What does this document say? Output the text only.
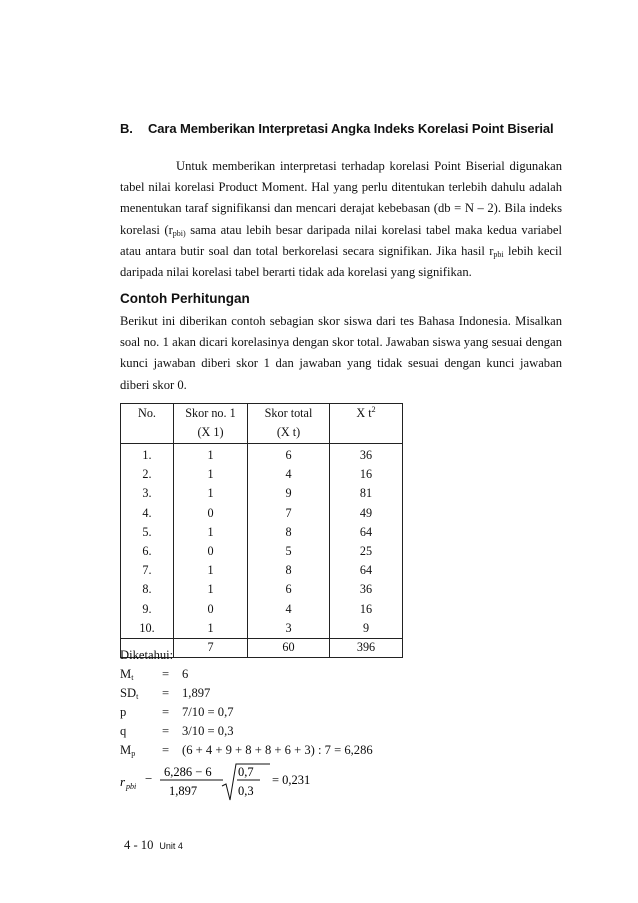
B. Cara Memberikan Interpretasi Angka Indeks Korelasi Point Biserial
Untuk memberikan interpretasi terhadap korelasi Point Biserial digunakan tabel nilai korelasi Product Moment. Hal yang perlu ditentukan terlebih dahulu adalah menentukan taraf signifikansi dan mencari derajat kebebasan (db = N – 2). Bila indeks korelasi ($r_{pbi)}$ sama atau lebih besar daripada nilai korelasi tabel maka kedua variabel atau antara butir soal dan total berkorelasi secara signifikan. Jika hasil $r_{pbi}$ lebih kecil daripada nilai korelasi tabel berarti tidak ada korelasi yang signifikan.
Contoh Perhitungan
Berikut ini diberikan contoh sebagian skor siswa dari tes Bahasa Indonesia. Misalkan soal no. 1 akan dicari korelasinya dengan skor total. Jawaban siswa yang sesuai dengan kunci jawaban diberi skor 1 dan jawaban yang tidak sesuai dengan kunci jawaban diberi skor 0.
No.	Skor no. 1	Skor total	X $t^2$
	(X 1)	(X t)	
1.	1	6	36
2.	1	4	16
3.	1	9	81
4.	0	7	49
5.	1	8	64
6.	0	5	25
7.	1	8	64
8.	1	6	36
9.	0	4	16
10.	1	3	9
	7	60	396
Diketahui:
$M_t = 6$
$SD_t = 1,897$
p	= 7/10 = 0,7
q	= 3/10 = 0,3
$M_p = (6 + 4 + 9 + 8 + 8 + 6 + 3)$ : 7 = 6,286
r pbi
− 6,286 − 6
1,897
0,7
0,3
= 0,231
4 - 10 Unit 4
